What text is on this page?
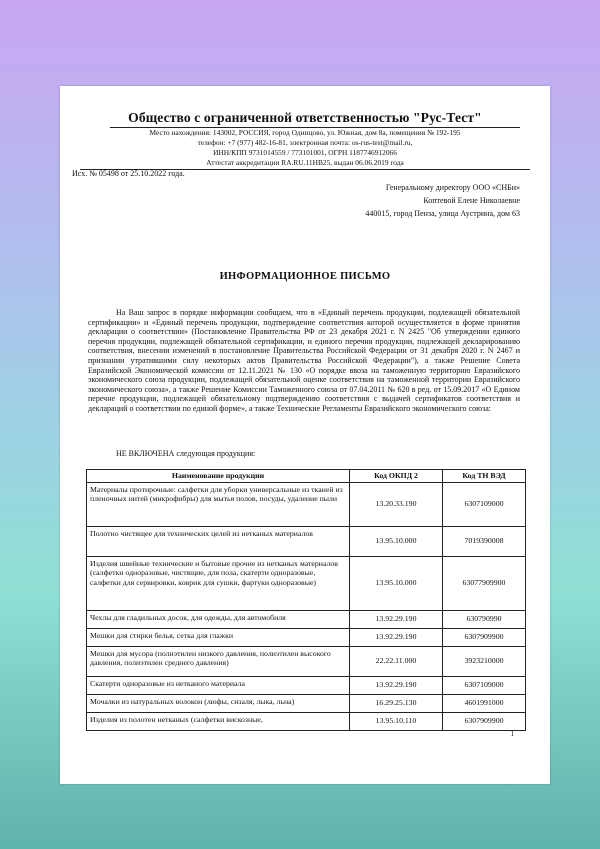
Общество с ограниченной ответственностью "Рус-Тест"
Место нахождения: 143002, РОССИЯ, город Одинцово, ул. Южная, дом 8а, помещения № 192-195
телефон: +7 (977) 482-16-81, электронная почта: os-rus-test@mail.ru,
ИНН/КПП 9731014559 / 773101001, ОГРН 1187746912066
Аттестат аккредитации RA.RU.11НВ25, выдан 06.06.2019 года
Исх. № 05498 от 25.10.2022 года.
Генеральному директору ООО «СНБи»
Коптевой Елене Николаевне
440015, город Пенза, улица Аустрина, дом 63
ИНФОРМАЦИОННОЕ ПИСЬМО
На Ваш запрос в порядке информации сообщаем, что в «Единый перечень продукции, подлежащей обязательной сертификации» и «Единый перечень продукции, подтверждение соответствия которой осуществляется в форме принятия декларации о соответствии» (Постановление Правительства РФ от 23 декабря 2021 г. N 2425 "Об утверждении единого перечня продукции, подлежащей обязательной сертификации, и единого перечня продукции, подлежащей декларированию соответствия, внесении изменений в постановление Правительства Российской Федерации от 31 декабря 2020 г. N 2467 и признании утратившими силу некоторых актов Правительства Российской Федерации"), а также Решение Совета Евразийской Экономической комиссии от 12.11.2021 № 130 «О порядке ввоза на таможенную территорию Евразийского экономического союза продукции, подлежащей обязательной оценке соответствия на таможенной территории Евразийского экономического союза», а также Решение Комиссии Таможенного союза от 07.04.2011 № 620 в ред. от 15.09.2017 «О Едином перечне продукции, подлежащей обязательному подтверждению соответствия с выдачей сертификатов соответствия и деклараций о соответствии по единой форме», а также Технические Регламенты Евразийского экономического союза:
НЕ ВКЛЮЧЕНА следующая продукция:
Наименование продукции	Код ОКПД 2	Код ТН ВЭД
Материалы протирочные: салфетки для уборки универсальные из тканей из пленочных нитей (микрофибры) для мытья полов, посуды, удаление пыли	13.20.33.190	6307109000
Полотно чистящее для технических целей из нетканых материалов	13.95.10.000	7019390008
Изделия швейные технические и бытовые прочие из нетканых материалов (салфетки одноразовые, чистящие, для пола, скатерти одноразовые, салфетки для сервировки, коврик для сушки, фартуки одноразовые)	13.95.10.000	63077909900
Чехлы для гладильных досок, для одежды, для автомобиля	13.92.29.190	630790990
Мешки для стирки белья, сетка для глажки	13.92.29.190	6307909900
Мешки для мусора (полиэтилен низкого давления, полиэтилен высокого давления, полиэтилен среднего давления)	22.22.11.000	3923210000
Скатерти одноразовые из нетканого материала	13.92.29.190	6307109000
Мочалки из натуральных волокон (люфы, сизаля, лыка, льна)	16.29.25.130	4601991000
Изделия из полотен нетканых (салфетки вискозные,	13.95.10.110	6307909900
1
